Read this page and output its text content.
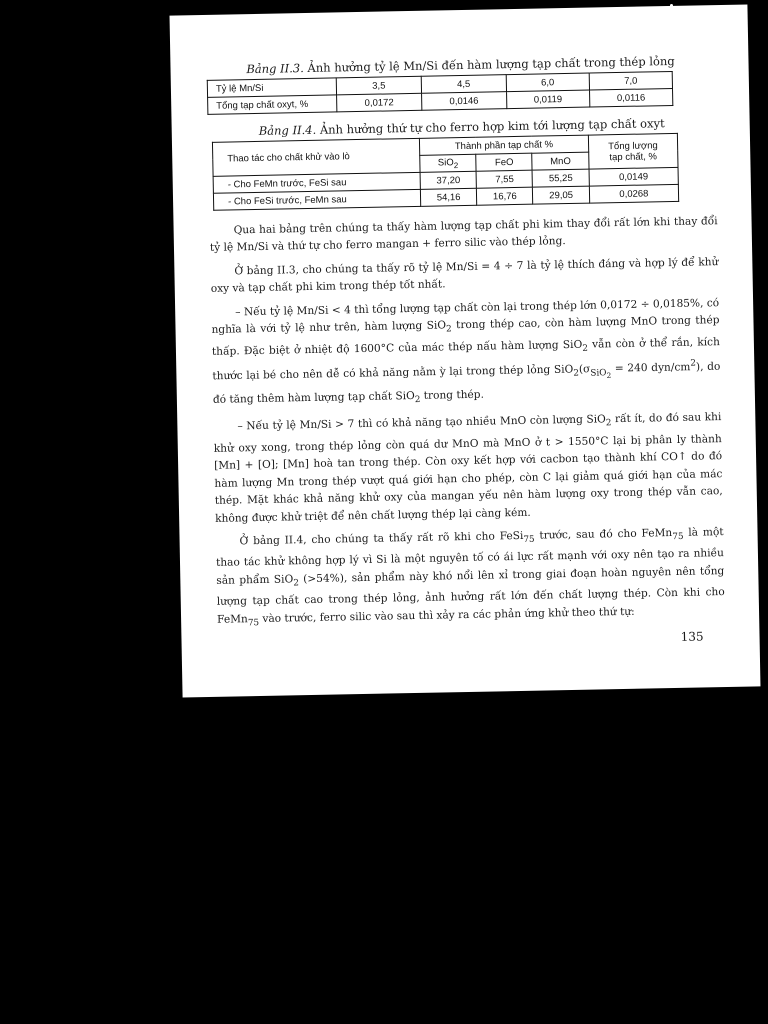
Bảng II.3. Ảnh hưởng tỷ lệ Mn/Si đến hàm lượng tạp chất trong thép lỏng

Tỷ lệ Mn/Si	3,5	4,5	6,0	7,0
Tổng tạp chất oxyt, %	0,0172	0,0146	0,0119	0,0116

Bảng II.4. Ảnh hưởng thứ tự cho ferro hợp kim tới lượng tạp chất oxyt

Thao tác cho chất khử vào lò	Thành phần tạp chất %			Tổng lượng
tạp chất, %
	SiO$_2$	FeO	MnO	
- Cho FeMn trước, FeSi sau	37,20	7,55	55,25	0,0149
- Cho FeSi trước, FeMn sau	54,16	16,76	29,05	0,0268

Qua hai bảng trên chúng ta thấy hàm lượng tạp chất phi kim thay đổi rất lớn khi thay đổi tỷ lệ Mn/Si và thứ tự cho ferro mangan + ferro silic vào thép lỏng.

Ở bảng II.3, cho chúng ta thấy rõ tỷ lệ Mn/Si = 4 ÷ 7 là tỷ lệ thích đáng và hợp lý để khử oxy và tạp chất phi kim trong thép tốt nhất.

– Nếu tỷ lệ Mn/Si < 4 thì tổng lượng tạp chất còn lại trong thép lớn 0,0172 ÷ 0,0185%, có nghĩa là với tỷ lệ như trên, hàm lượng SiO$_2$ trong thép cao, còn hàm lượng MnO trong thép thấp. Đặc biệt ở nhiệt độ 1600°C của mác thép nấu hàm lượng SiO$_2$ vẫn còn ở thể rắn, kích thước lại bé cho nên dễ có khả năng nằm ỳ lại trong thép lỏng $SiO_2(\sigma_{SiO_2} = 240$ dyn/$cm^2$), do đó tăng thêm hàm lượng tạp chất SiO$_2$ trong thép.

– Nếu tỷ lệ Mn/Si > 7 thì có khả năng tạo nhiều MnO còn lượng SiO$_2$ rất ít, do đó sau khi khử oxy xong, trong thép lỏng còn quá dư MnO mà MnO ở t > 1550°C lại bị phân ly thành [Mn] + [O]; [Mn] hoà tan trong thép. Còn oxy kết hợp với cacbon tạo thành khí CO↑ do đó hàm lượng Mn trong thép vượt quá giới hạn cho phép, còn C lại giảm quá giới hạn của mác thép. Mặt khác khả năng khử oxy của mangan yếu nên hàm lượng oxy trong thép vẫn cao, không được khử triệt để nên chất lượng thép lại càng kém.

Ở bảng II.4, cho chúng ta thấy rất rõ khi cho FeSi$_{75}$ trước, sau đó cho FeMn$_{75}$ là một thao tác khử không hợp lý vì Si là một nguyên tố có ái lực rất mạnh với oxy nên tạo ra nhiều sản phẩm SiO$_2$ (>54%), sản phẩm này khó nổi lên xỉ trong giai đoạn hoàn nguyên nên tổng lượng tạp chất cao trong thép lỏng, ảnh hưởng rất lớn đến chất lượng thép. Còn khi cho FeMn$_{75}$ vào trước, ferro silic vào sau thì xảy ra các phản ứng khử theo thứ tự:

135
